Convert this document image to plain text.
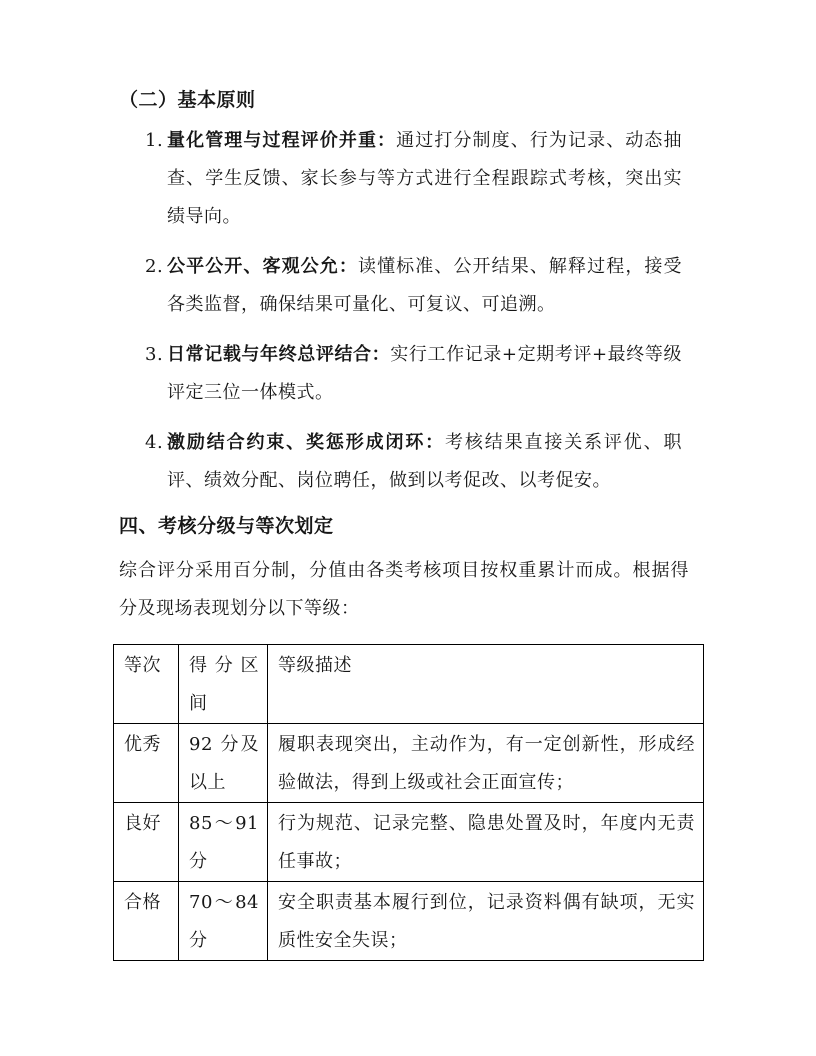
（二）基本原则
1. 量化管理与过程评价并重：通过打分制度、行为记录、动态抽查、学生反馈、家长参与等方式进行全程跟踪式考核，突出实绩导向。
2. 公平公开、客观公允：读懂标准、公开结果、解释过程，接受各类监督，确保结果可量化、可复议、可追溯。
3. 日常记载与年终总评结合：实行工作记录+定期考评+最终等级评定三位一体模式。
4. 激励结合约束、奖惩形成闭环：考核结果直接关系评优、职评、绩效分配、岗位聘任，做到以考促改、以考促安。
四、考核分级与等次划定

综合评分采用百分制，分值由各类考核项目按权重累计而成。根据得分及现场表现划分以下等级：

等次	得分区间	等级描述
优秀	92 分及以上	履职表现突出，主动作为，有一定创新性，形成经验做法，得到上级或社会正面宣传；
良好	85～91 分	行为规范、记录完整、隐患处置及时，年度内无责任事故；
合格	70～84 分	安全职责基本履行到位，记录资料偶有缺项，无实质性安全失误；
